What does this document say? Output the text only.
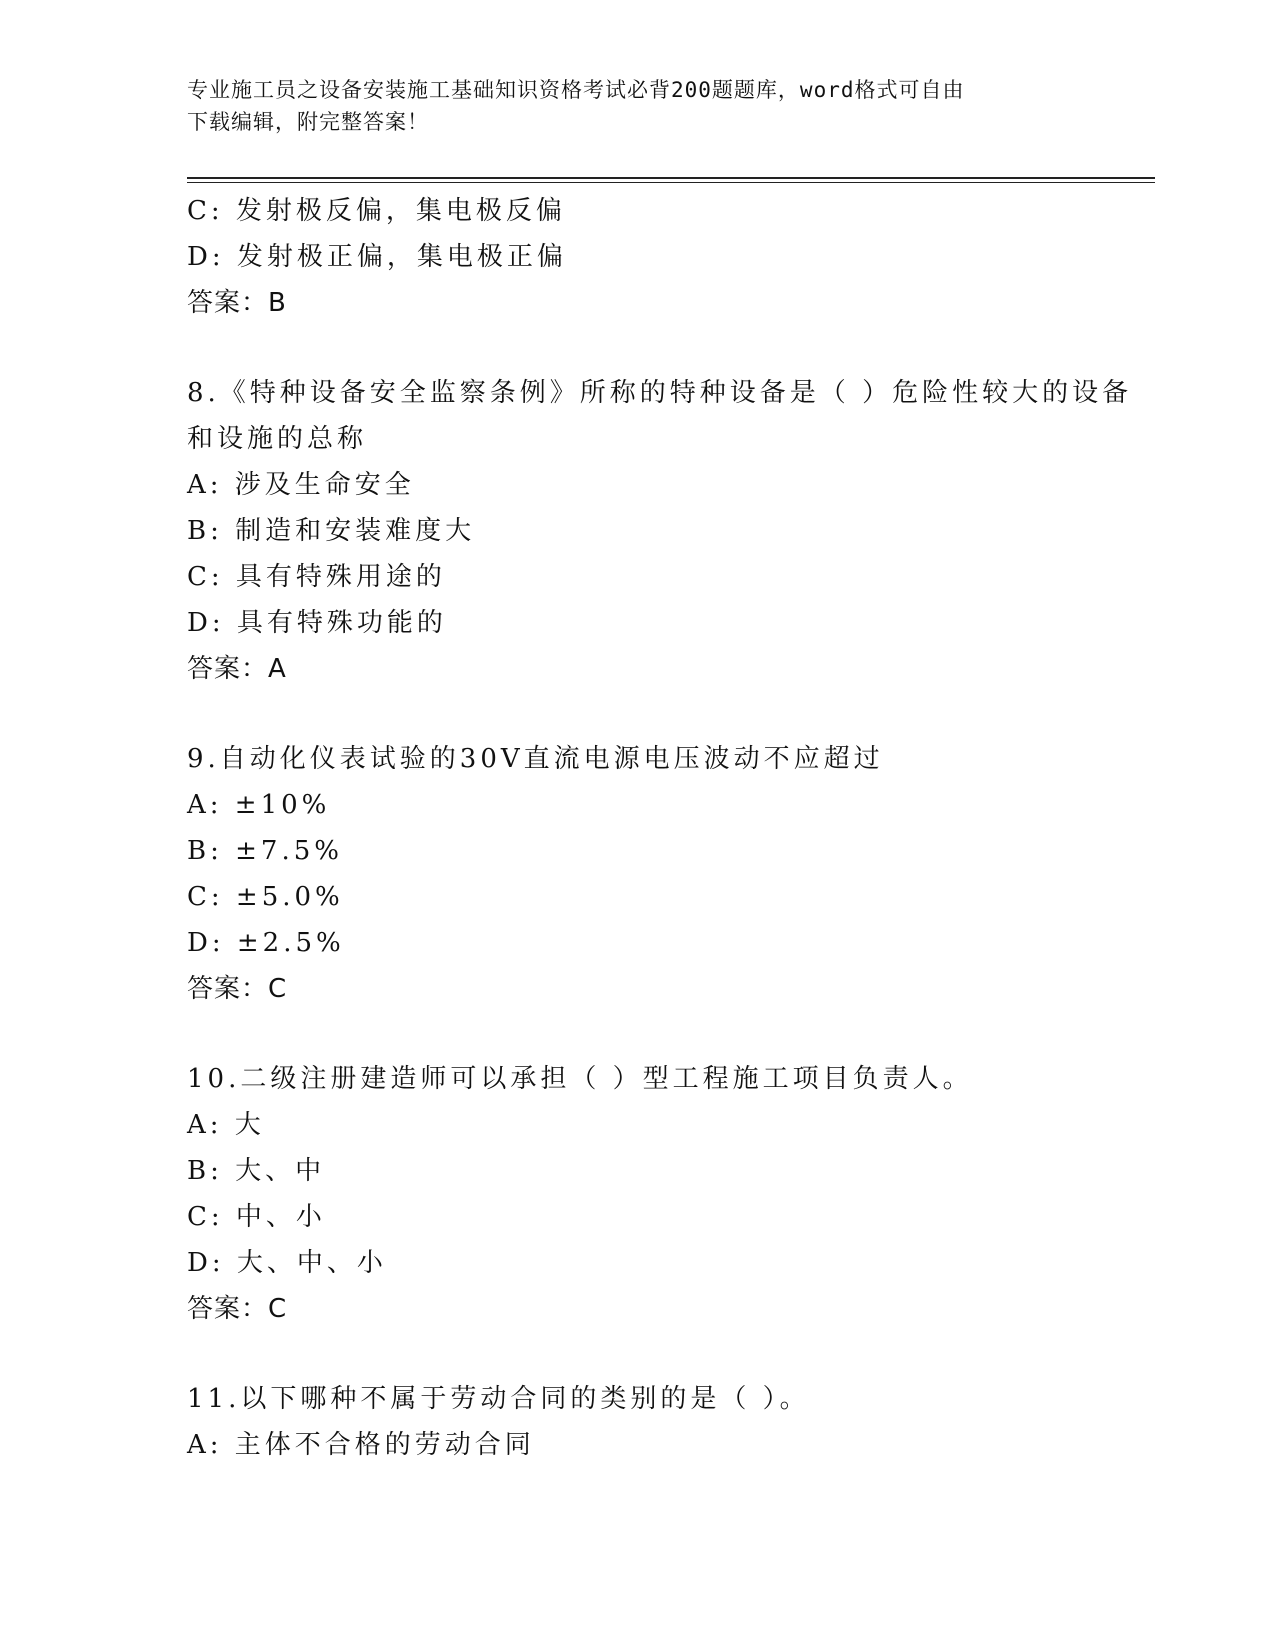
专业施工员之设备安装施工基础知识资格考试必背200题题库，word格式可自由
下载编辑，附完整答案！
C: 发射极反偏，集电极反偏
D: 发射极正偏，集电极正偏
答案：B
8.《特种设备安全监察条例》所称的特种设备是（ ）危险性较大的设备和设施的总称
A: 涉及生命安全
B: 制造和安装难度大
C: 具有特殊用途的
D: 具有特殊功能的
答案：A
9.自动化仪表试验的30V直流电源电压波动不应超过
A: ±10%
B: ±7.5%
C: ±5.0%
D: ±2.5%
答案：C
10.二级注册建造师可以承担（ ）型工程施工项目负责人。
A: 大
B: 大、中
C: 中、小
D: 大、中、小
答案：C
11.以下哪种不属于劳动合同的类别的是（ ）。
A: 主体不合格的劳动合同
